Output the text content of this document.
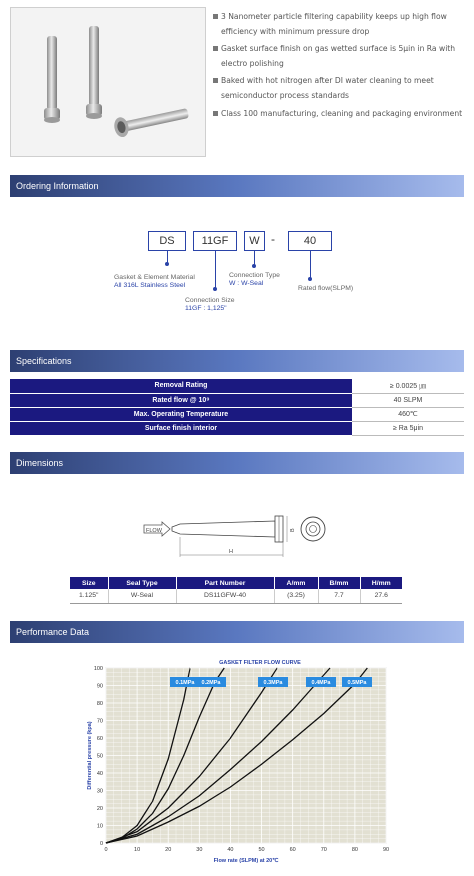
3 Nanometer particle filtering capability keeps up high flow efficiency with minimum pressure drop
Gasket surface finish on gas wetted surface is 5μin in Ra with electro polishing
Baked with hot nitrogen after DI water cleaning to meet semiconductor process standards
Class 100 manufacturing, cleaning and packaging environment
Ordering Information
DS	11GF	W -	40
Gasket & Element Material
All 316L Stainless Steel
Connection Size
11GF : 1,125"
Connection Type
W : W-Seal
Rated flow(SLPM)
Specifications
Removal Rating	≥ 0.0025 ㎛
Rated flow @ 10⁹	40 SLPM
Max. Operating Temperature	460℃
Surface finish interior	≥ Ra 5μin
Dimensions
FLOW	B
H
Size	Seal Type	Part Number	A/mm	B/mm	H/mm
1.125"	W-Seal	DS11GFW-40	(3.25)	7.7	27.6
Performance Data
0	10	20	30	40	50	60	70	80	90
0
10
20
30
40
50
60
70
80
90
100
GASKET FILTER FLOW CURVE
Flow rate (SLPM) at 20℃
Differential pressure (kpa)
0.1MPa 0.2MPa	0.3MPa	0.4MPa	0.5MPa
